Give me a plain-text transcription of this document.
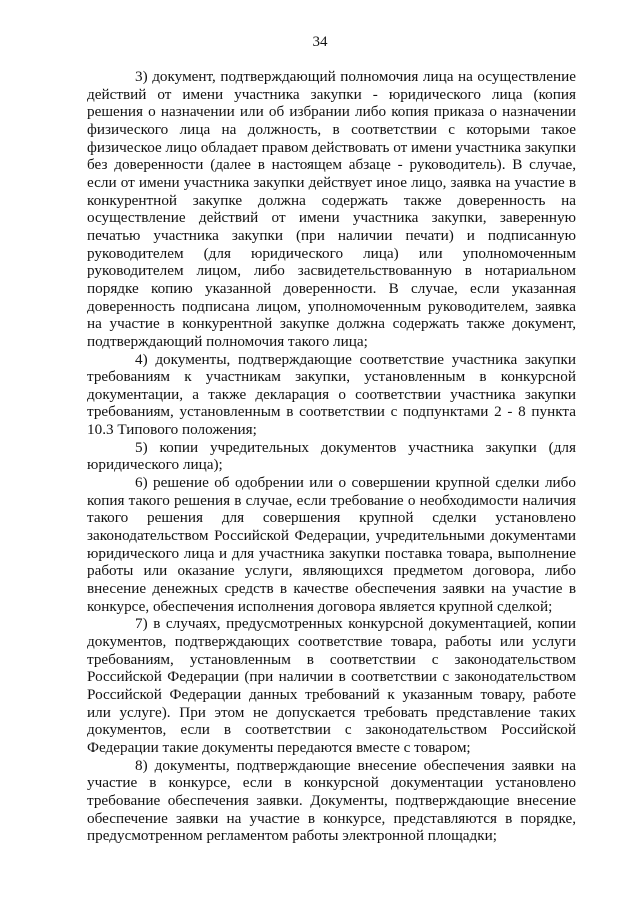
34

3) документ, подтверждающий полномочия лица на осуществление действий от имени участника закупки - юридического лица (копия решения о назначении или об избрании либо копия приказа о назначении физического лица на должность, в соответствии с которыми такое физическое лицо обладает правом действовать от имени участника закупки без доверенности (далее в настоящем абзаце - руководитель). В случае, если от имени участника закупки действует иное лицо, заявка на участие в конкурентной закупке должна содержать также доверенность на осуществление действий от имени участника закупки, заверенную печатью участника закупки (при наличии печати) и подписанную руководителем (для юридического лица) или уполномоченным руководителем лицом, либо засвидетельствованную в нотариальном порядке копию указанной доверенности. В случае, если указанная доверенность подписана лицом, уполномоченным руководителем, заявка на участие в конкурентной закупке должна содержать также документ, подтверждающий полномочия такого лица;

4) документы, подтверждающие соответствие участника закупки требованиям к участникам закупки, установленным в конкурсной документации, а также декларация о соответствии участника закупки требованиям, установленным в соответствии с подпунктами 2 - 8 пункта 10.3 Типового положения;

5) копии учредительных документов участника закупки (для юридического лица);

6) решение об одобрении или о совершении крупной сделки либо копия такого решения в случае, если требование о необходимости наличия такого решения для совершения крупной сделки установлено законодательством Российской Федерации, учредительными документами юридического лица и для участника закупки поставка товара, выполнение работы или оказание услуги, являющихся предметом договора, либо внесение денежных средств в качестве обеспечения заявки на участие в конкурсе, обеспечения исполнения договора является крупной сделкой;

7) в случаях, предусмотренных конкурсной документацией, копии документов, подтверждающих соответствие товара, работы или услуги требованиям, установленным в соответствии с законодательством Российской Федерации (при наличии в соответствии с законодательством Российской Федерации данных требований к указанным товару, работе или услуге). При этом не допускается требовать представление таких документов, если в соответствии с законодательством Российской Федерации такие документы передаются вместе с товаром;

8) документы, подтверждающие внесение обеспечения заявки на участие в конкурсе, если в конкурсной документации установлено требование обеспечения заявки. Документы, подтверждающие внесение обеспечение заявки на участие в конкурсе, представляются в порядке, предусмотренном регламентом работы электронной площадки;
